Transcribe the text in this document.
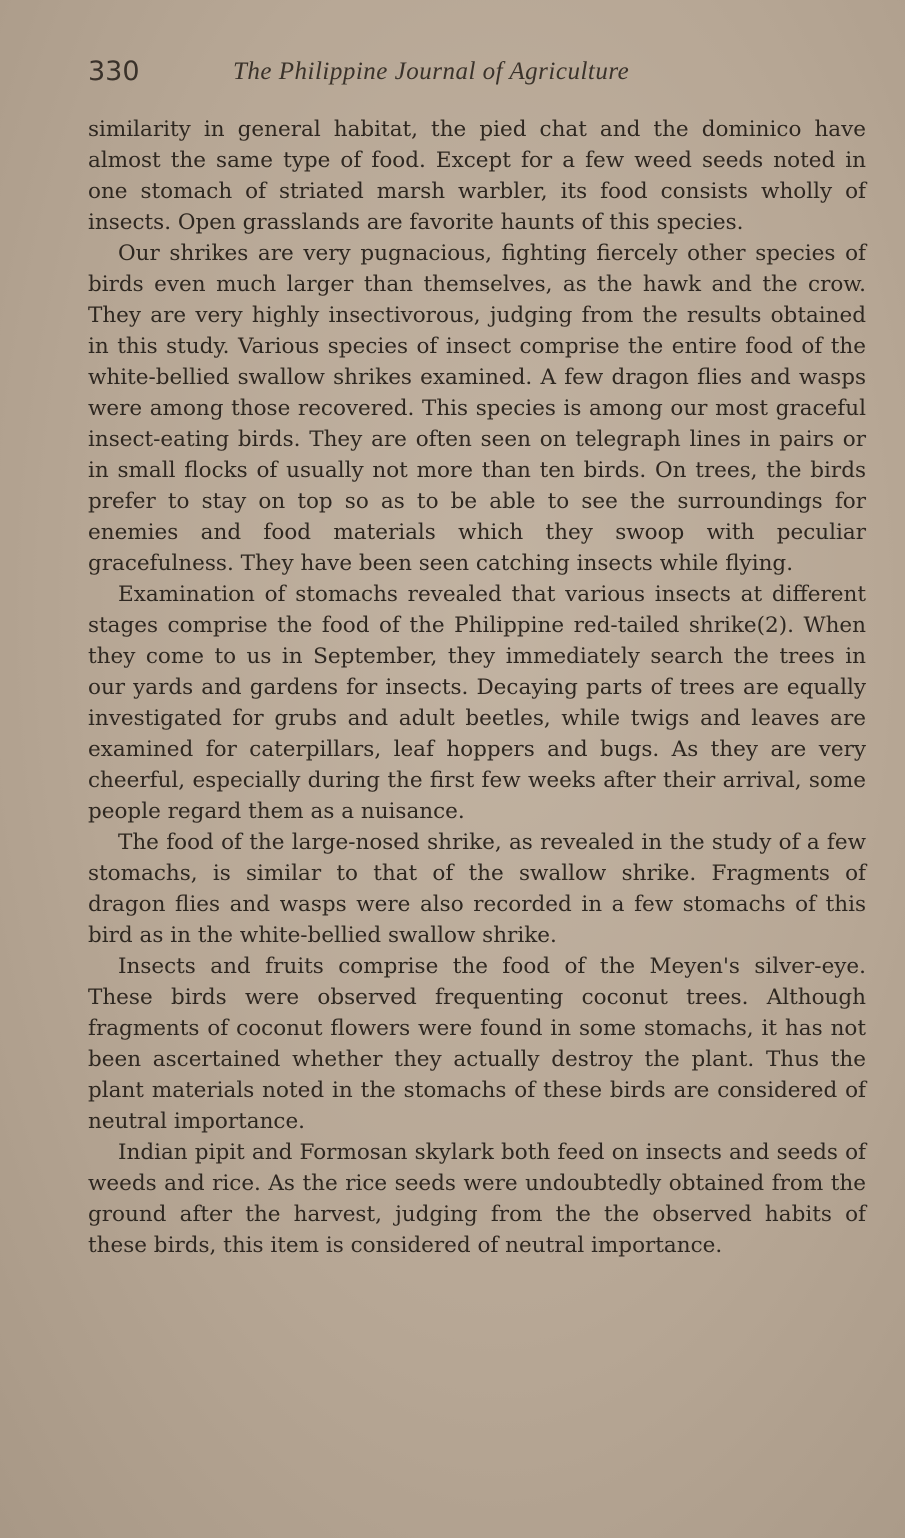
330	The Philippine Journal of Agriculture

similarity in general habitat, the pied chat and the dominico have almost the same type of food. Except for a few weed seeds noted in one stomach of striated marsh warbler, its food consists wholly of insects. Open grasslands are favorite haunts of this species.

Our shrikes are very pugnacious, fighting fiercely other species of birds even much larger than themselves, as the hawk and the crow. They are very highly insectivorous, judging from the results obtained in this study. Various species of insect comprise the entire food of the white-bellied swallow shrikes examined. A few dragon flies and wasps were among those recovered. This species is among our most graceful insect-eating birds. They are often seen on telegraph lines in pairs or in small flocks of usually not more than ten birds. On trees, the birds prefer to stay on top so as to be able to see the surroundings for enemies and food materials which they swoop with peculiar gracefulness. They have been seen catching insects while flying.

Examination of stomachs revealed that various insects at different stages comprise the food of the Philippine red-tailed shrike(2). When they come to us in September, they immediately search the trees in our yards and gardens for insects. Decaying parts of trees are equally investigated for grubs and adult beetles, while twigs and leaves are examined for caterpillars, leaf hoppers and bugs. As they are very cheerful, especially during the first few weeks after their arrival, some people regard them as a nuisance.

The food of the large-nosed shrike, as revealed in the study of a few stomachs, is similar to that of the swallow shrike. Fragments of dragon flies and wasps were also recorded in a few stomachs of this bird as in the white-bellied swallow shrike.

Insects and fruits comprise the food of the Meyen's silver-eye. These birds were observed frequenting coconut trees. Although fragments of coconut flowers were found in some stomachs, it has not been ascertained whether they actually destroy the plant. Thus the plant materials noted in the stomachs of these birds are considered of neutral importance.

Indian pipit and Formosan skylark both feed on insects and seeds of weeds and rice. As the rice seeds were undoubtedly obtained from the ground after the harvest, judging from the the observed habits of these birds, this item is considered of neutral importance.
